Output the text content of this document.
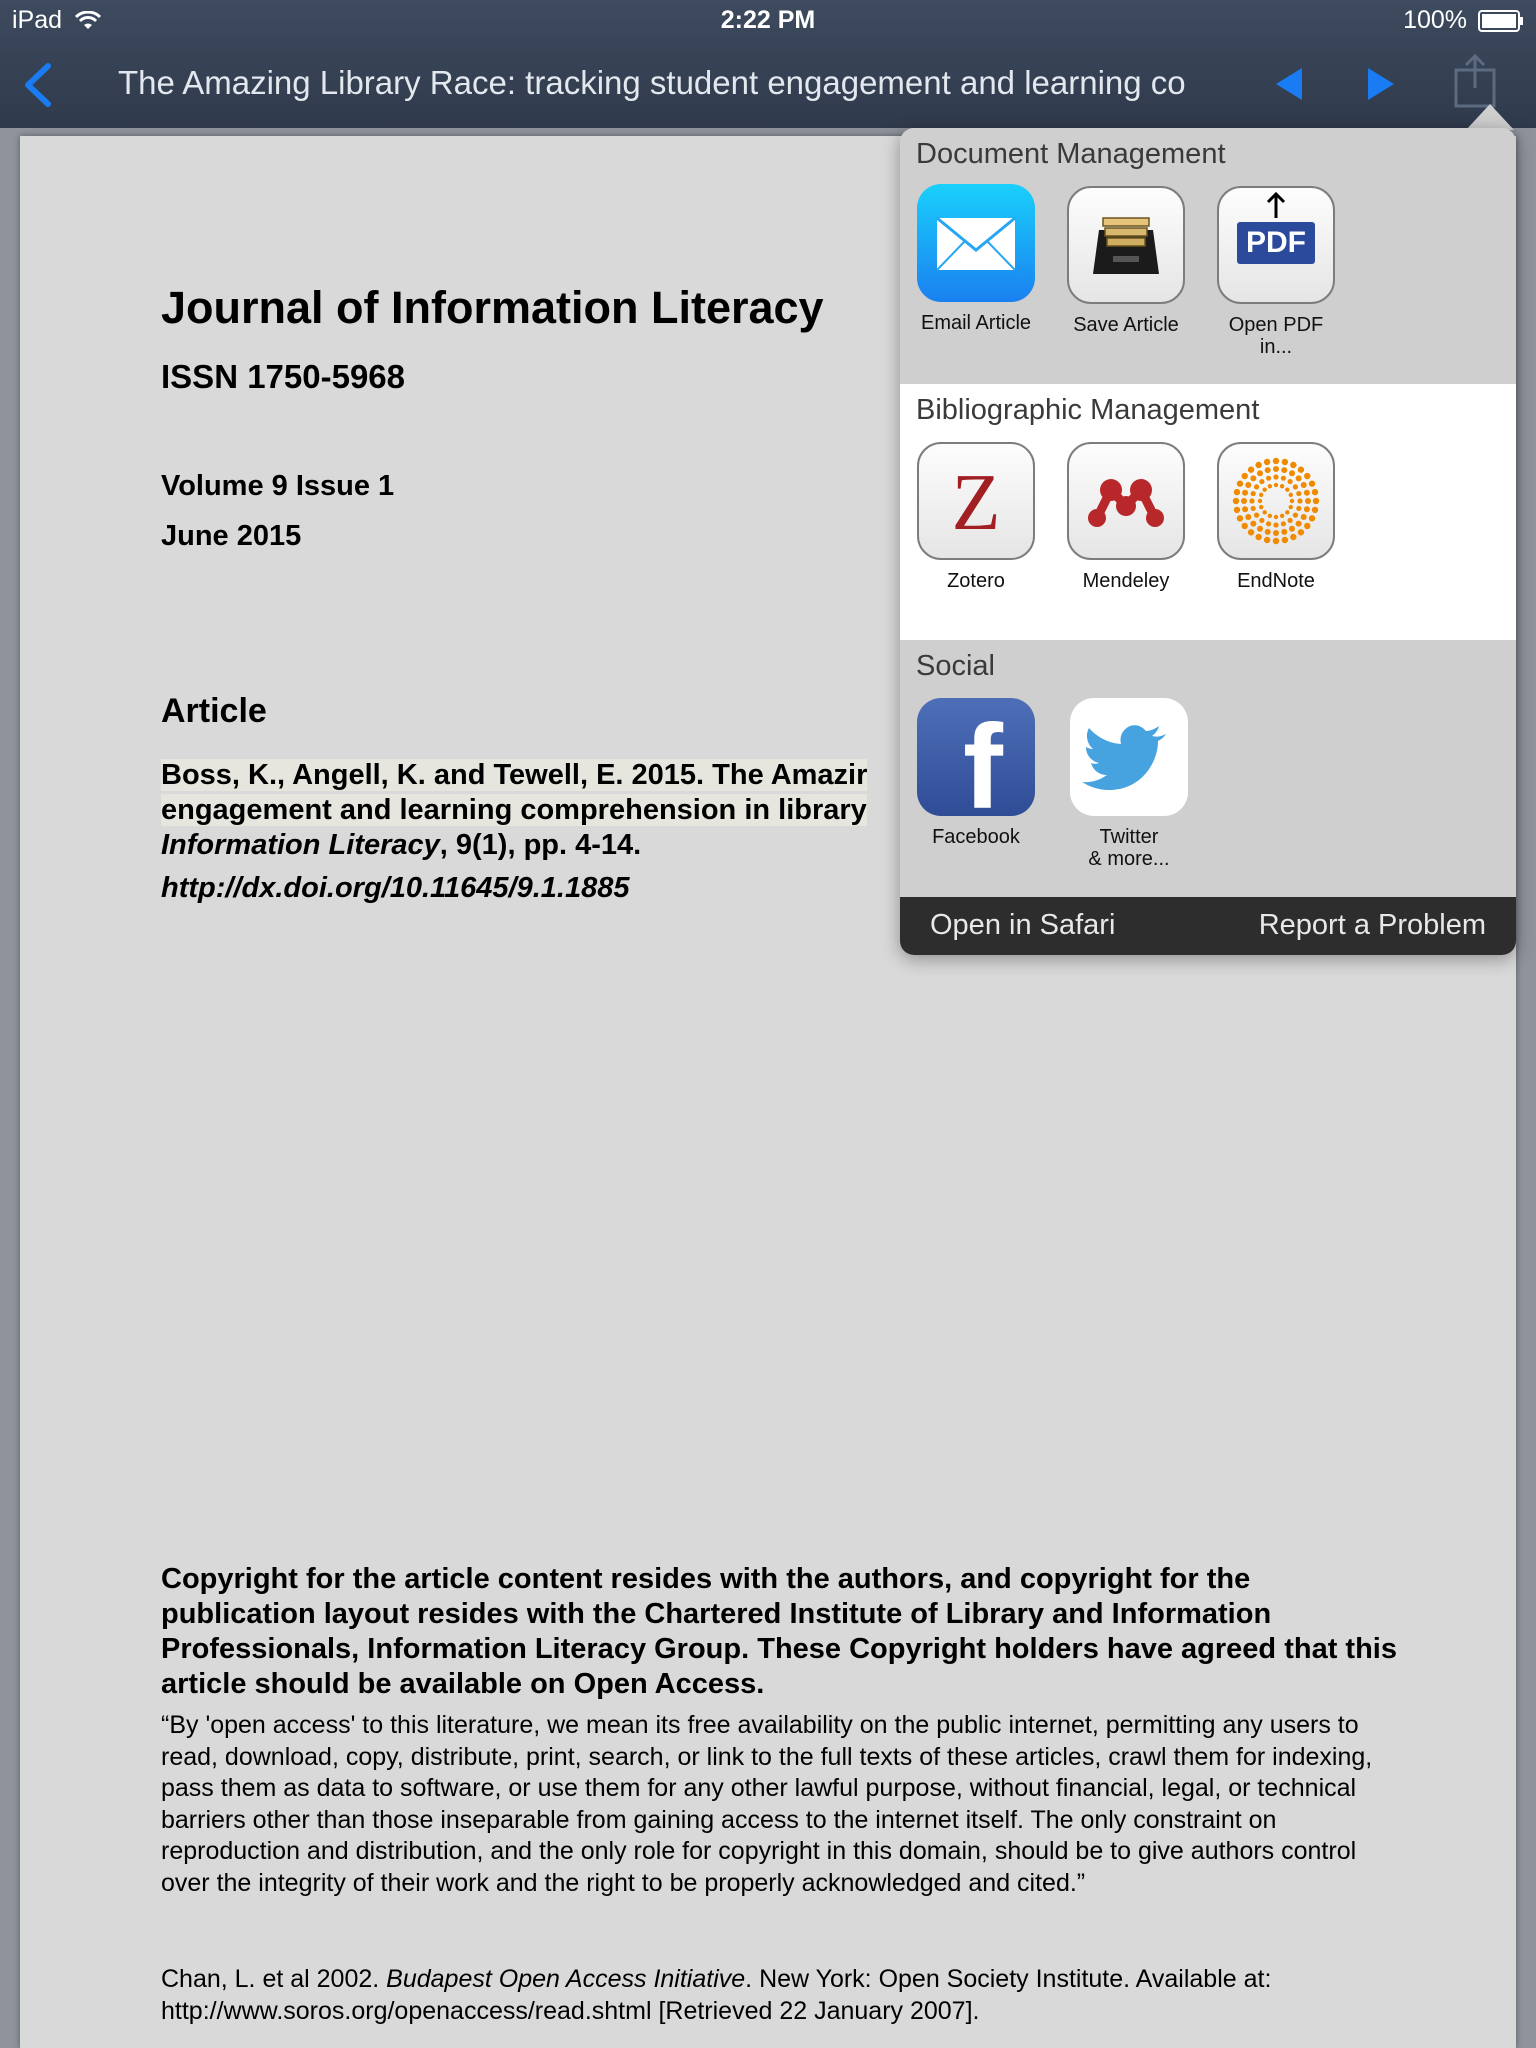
iPad	2:22 PM	100%
The Amazing Library Race: tracking student engagement and learning co
Journal of Information Literacy
ISSN 1750-5968
Volume 9 Issue 1
June 2015
Article
Boss, K., Angell, K. and Tewell, E. 2015. The Amazir
engagement and learning comprehension in library
Information Literacy, 9(1), pp. 4-14.
http://dx.doi.org/10.11645/9.1.1885
Copyright for the article content resides with the authors, and copyright for the publication layout resides with the Chartered Institute of Library and Information Professionals, Information Literacy Group. These Copyright holders have agreed that this article should be available on Open Access.
“By 'open access' to this literature, we mean its free availability on the public internet, permitting any users to read, download, copy, distribute, print, search, or link to the full texts of these articles, crawl them for indexing, pass them as data to software, or use them for any other lawful purpose, without financial, legal, or technical barriers other than those inseparable from gaining access to the internet itself. The only constraint on reproduction and distribution, and the only role for copyright in this domain, should be to give authors control over the integrity of their work and the right to be properly acknowledged and cited.”
Chan, L. et al 2002. Budapest Open Access Initiative. New York: Open Society Institute. Available at: http://www.soros.org/openaccess/read.shtml [Retrieved 22 January 2007].
Document Management
Email Article	Save Article
PDF
Open PDF
in...
Bibliographic Management
Z
Zotero	Mendeley	EndNote
Social
f
Facebook	Twitter
& more...
Open in Safari	Report a Problem
